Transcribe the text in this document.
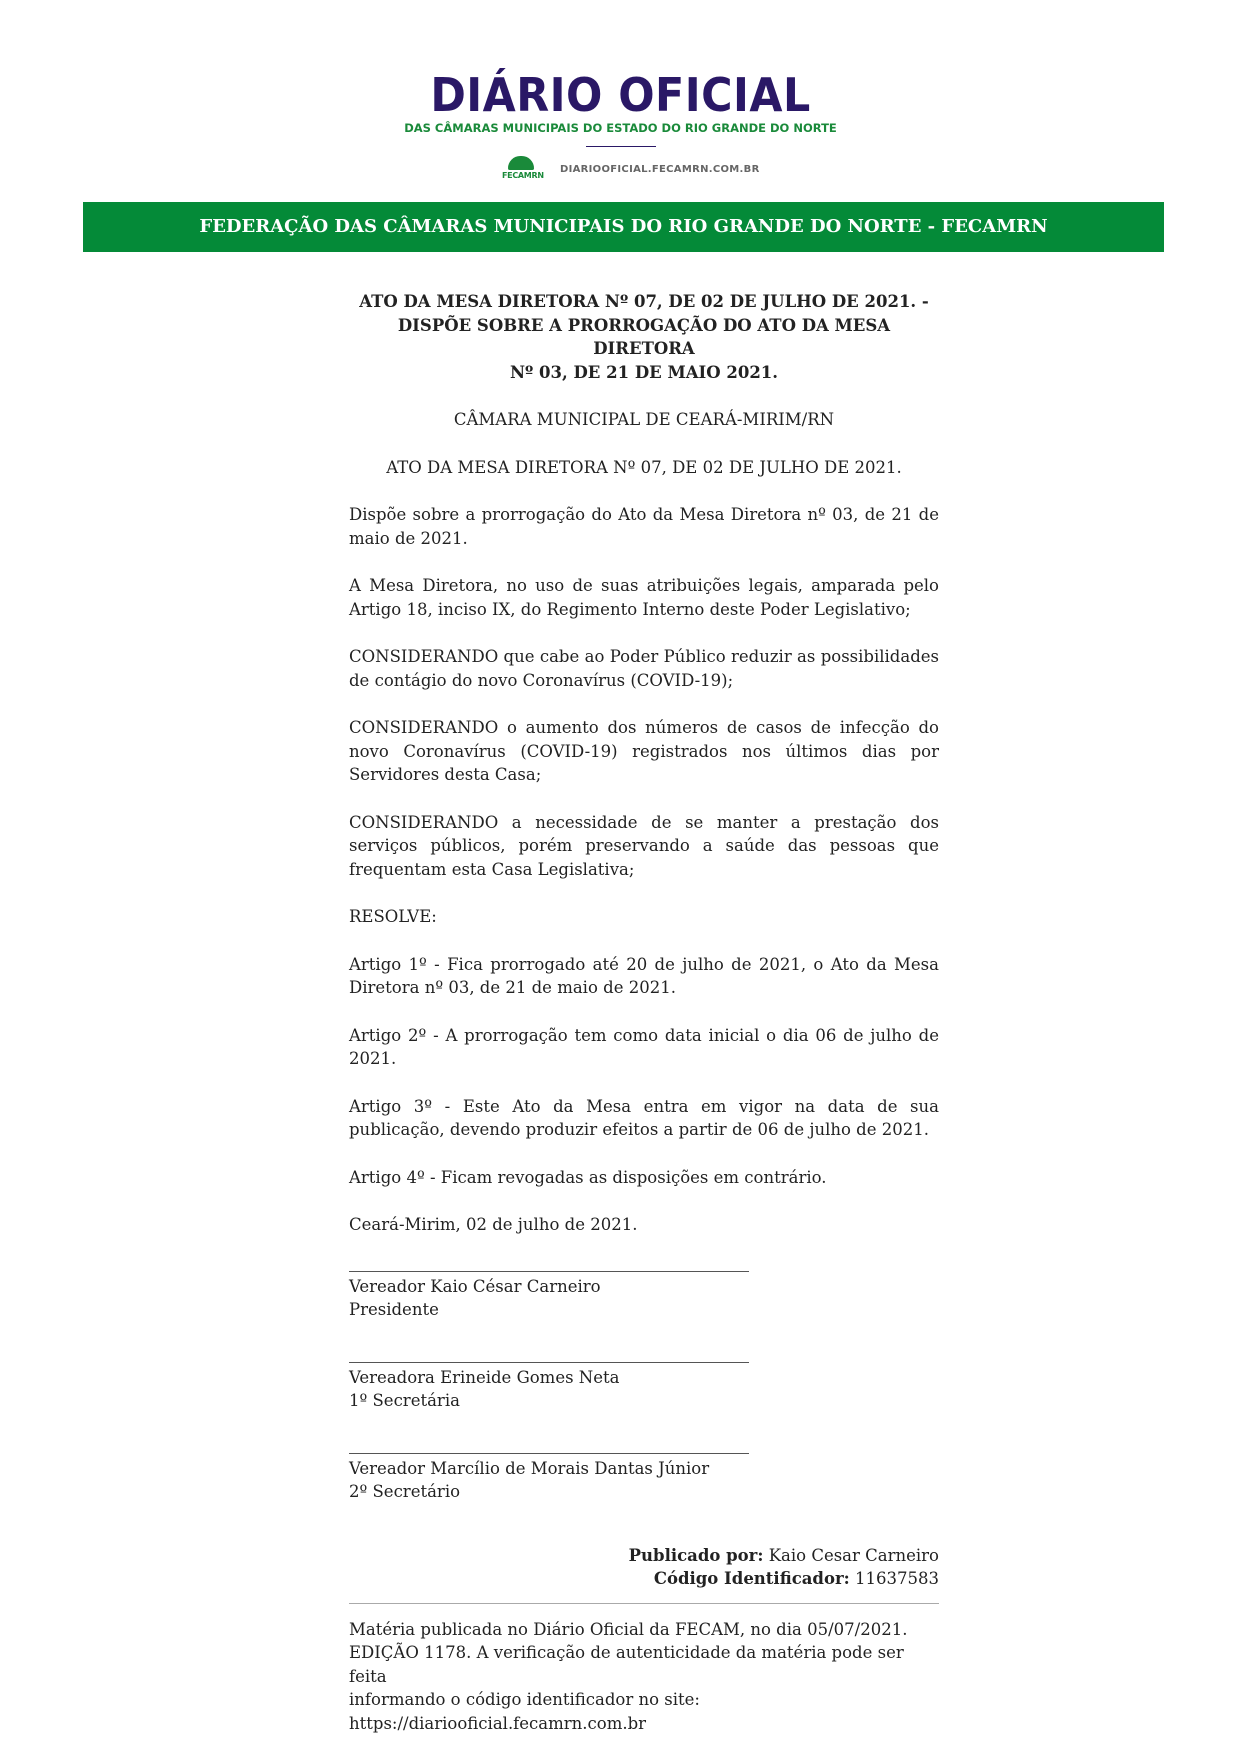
DIÁRIO OFICIAL
DAS CÂMARAS MUNICIPAIS DO ESTADO DO RIO GRANDE DO NORTE
FECAMRN
DIARIOOFICIAL.FECAMRN.COM.BR
FEDERAÇÃO DAS CÂMARAS MUNICIPAIS DO RIO GRANDE DO NORTE - FECAMRN
ATO DA MESA DIRETORA Nº 07, DE 02 DE JULHO DE 2021. -
DISPÕE SOBRE A PRORROGAÇÃO DO ATO DA MESA DIRETORA
Nº 03, DE 21 DE MAIO 2021.
CÂMARA MUNICIPAL DE CEARÁ-MIRIM/RN
ATO DA MESA DIRETORA Nº 07, DE 02 DE JULHO DE 2021.
Dispõe sobre a prorrogação do Ato da Mesa Diretora nº 03, de 21 de maio de 2021.
A Mesa Diretora, no uso de suas atribuições legais, amparada pelo Artigo 18, inciso IX, do Regimento Interno deste Poder Legislativo;
CONSIDERANDO que cabe ao Poder Público reduzir as possibilidades de contágio do novo Coronavírus (COVID-19);
CONSIDERANDO o aumento dos números de casos de infecção do novo Coronavírus (COVID-19) registrados nos últimos dias por Servidores desta Casa;
CONSIDERANDO a necessidade de se manter a prestação dos serviços públicos, porém preservando a saúde das pessoas que frequentam esta Casa Legislativa;
RESOLVE:
Artigo 1º - Fica prorrogado até 20 de julho de 2021, o Ato da Mesa Diretora nº 03, de 21 de maio de 2021.
Artigo 2º - A prorrogação tem como data inicial o dia 06 de julho de 2021.
Artigo 3º - Este Ato da Mesa entra em vigor na data de sua publicação, devendo produzir efeitos a partir de 06 de julho de 2021.
Artigo 4º - Ficam revogadas as disposições em contrário.
Ceará-Mirim, 02 de julho de 2021.
Vereador Kaio César Carneiro
Presidente
Vereadora Erineide Gomes Neta
1º Secretária
Vereador Marcílio de Morais Dantas Júnior
2º Secretário
Publicado por: Kaio Cesar Carneiro
Código Identificador: 11637583
Matéria publicada no Diário Oficial da FECAM, no dia 05/07/2021.
EDIÇÃO 1178. A verificação de autenticidade da matéria pode ser feita
informando o código identificador no site:
https://diariooficial.fecamrn.com.br
